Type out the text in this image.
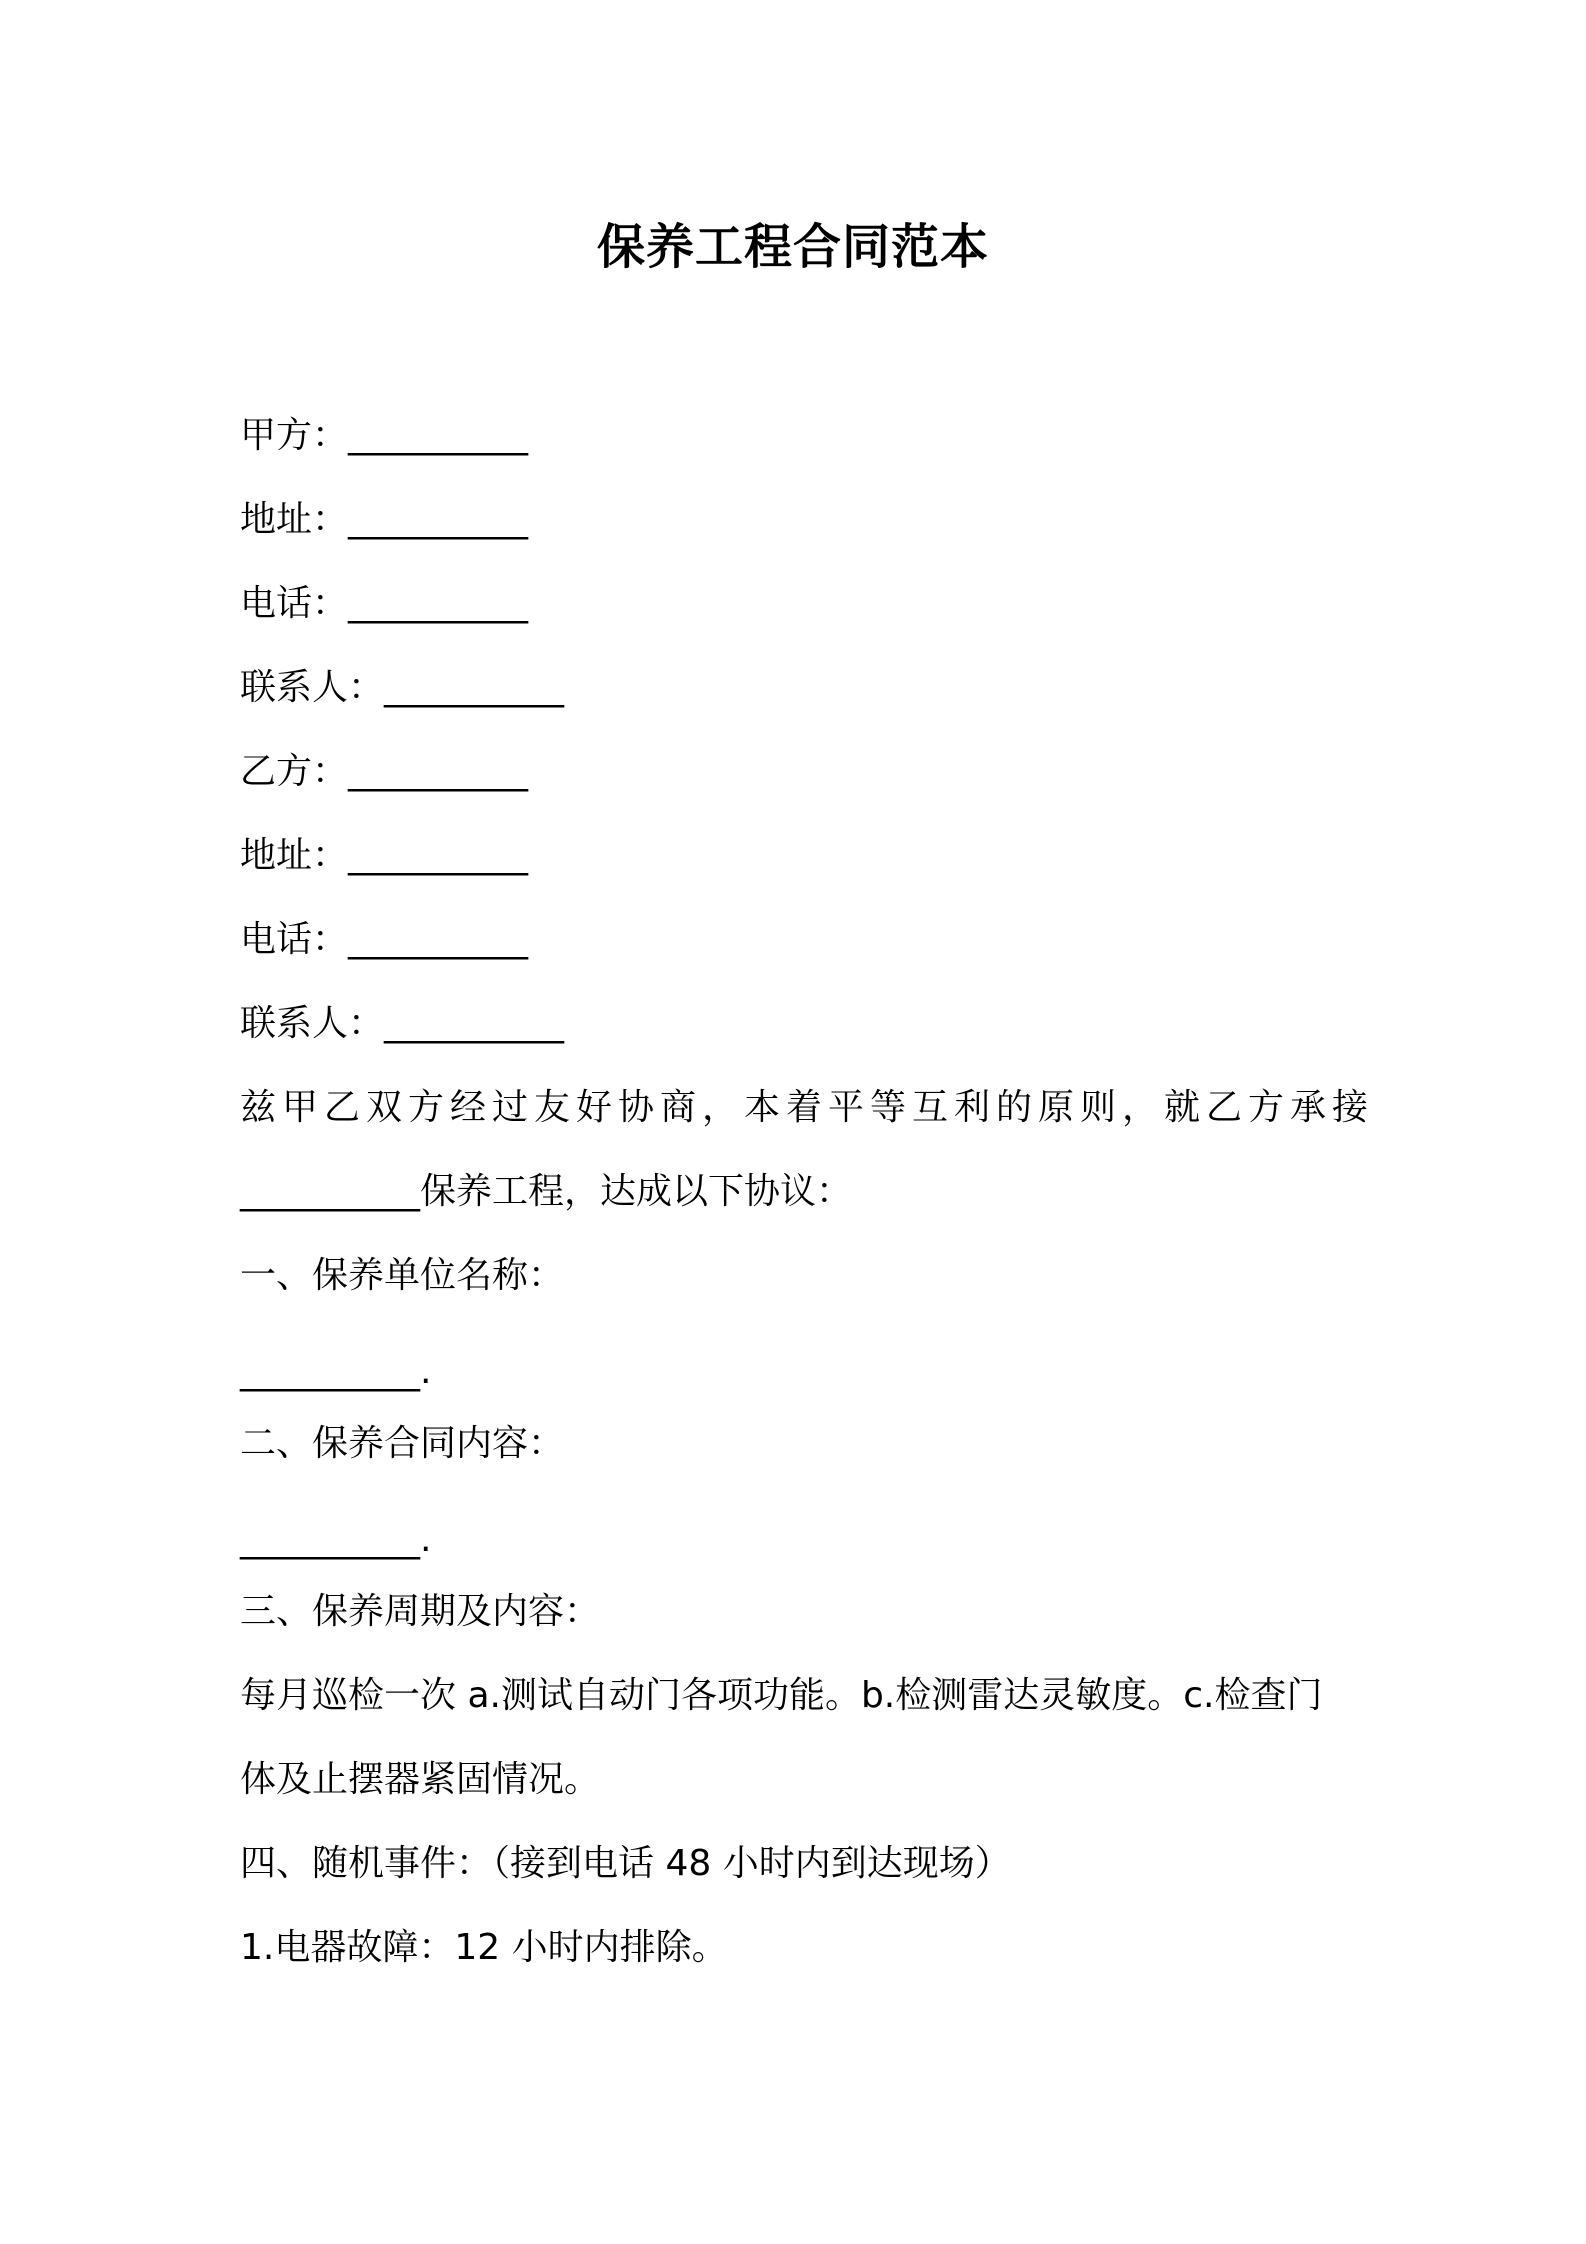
保养工程合同范本
甲方：__________
地址：__________
电话：__________
联系人：__________
乙方：__________
地址：__________
电话：__________
联系人：__________
兹甲乙双方经过友好协商，本着平等互利的原则，就乙方承接
__________保养工程，达成以下协议：
一、保养单位名称：
__________.
二、保养合同内容：
__________.
三、保养周期及内容：
每月巡检一次 a.测试自动门各项功能。b.检测雷达灵敏度。c.检查门
体及止摆器紧固情况。
四、随机事件：（接到电话 48 小时内到达现场）
1.电器故障：12 小时内排除。
